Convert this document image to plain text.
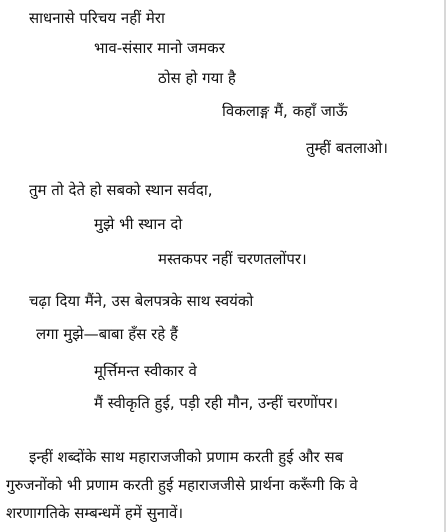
साधनासे परिचय नहीं मेरा
भाव-संसार मानो जमकर
ठोस हो गया है
विकलाङ्ग मैं, कहाँ जाऊँ
तुम्हीं बतलाओ।
तुम तो देते हो सबको स्थान सर्वदा,
मुझे भी स्थान दो
मस्तकपर नहीं चरणतलोंपर।
चढ़ा दिया मैंने, उस बेलपत्रके साथ स्वयंको
लगा मुझे—बाबा हँस रहे हैं
मूर्त्तिमन्त स्वीकार वे
मैं स्वीकृति हुई, पड़ी रही मौन, उन्हीं चरणोंपर।
इन्हीं शब्दोंके साथ महाराजजीको प्रणाम करती हुई और सब
गुरुजनोंको भी प्रणाम करती हुई महाराजजीसे प्रार्थना करूँगी कि वे
शरणागतिके सम्बन्धमें हमें सुनावें।
